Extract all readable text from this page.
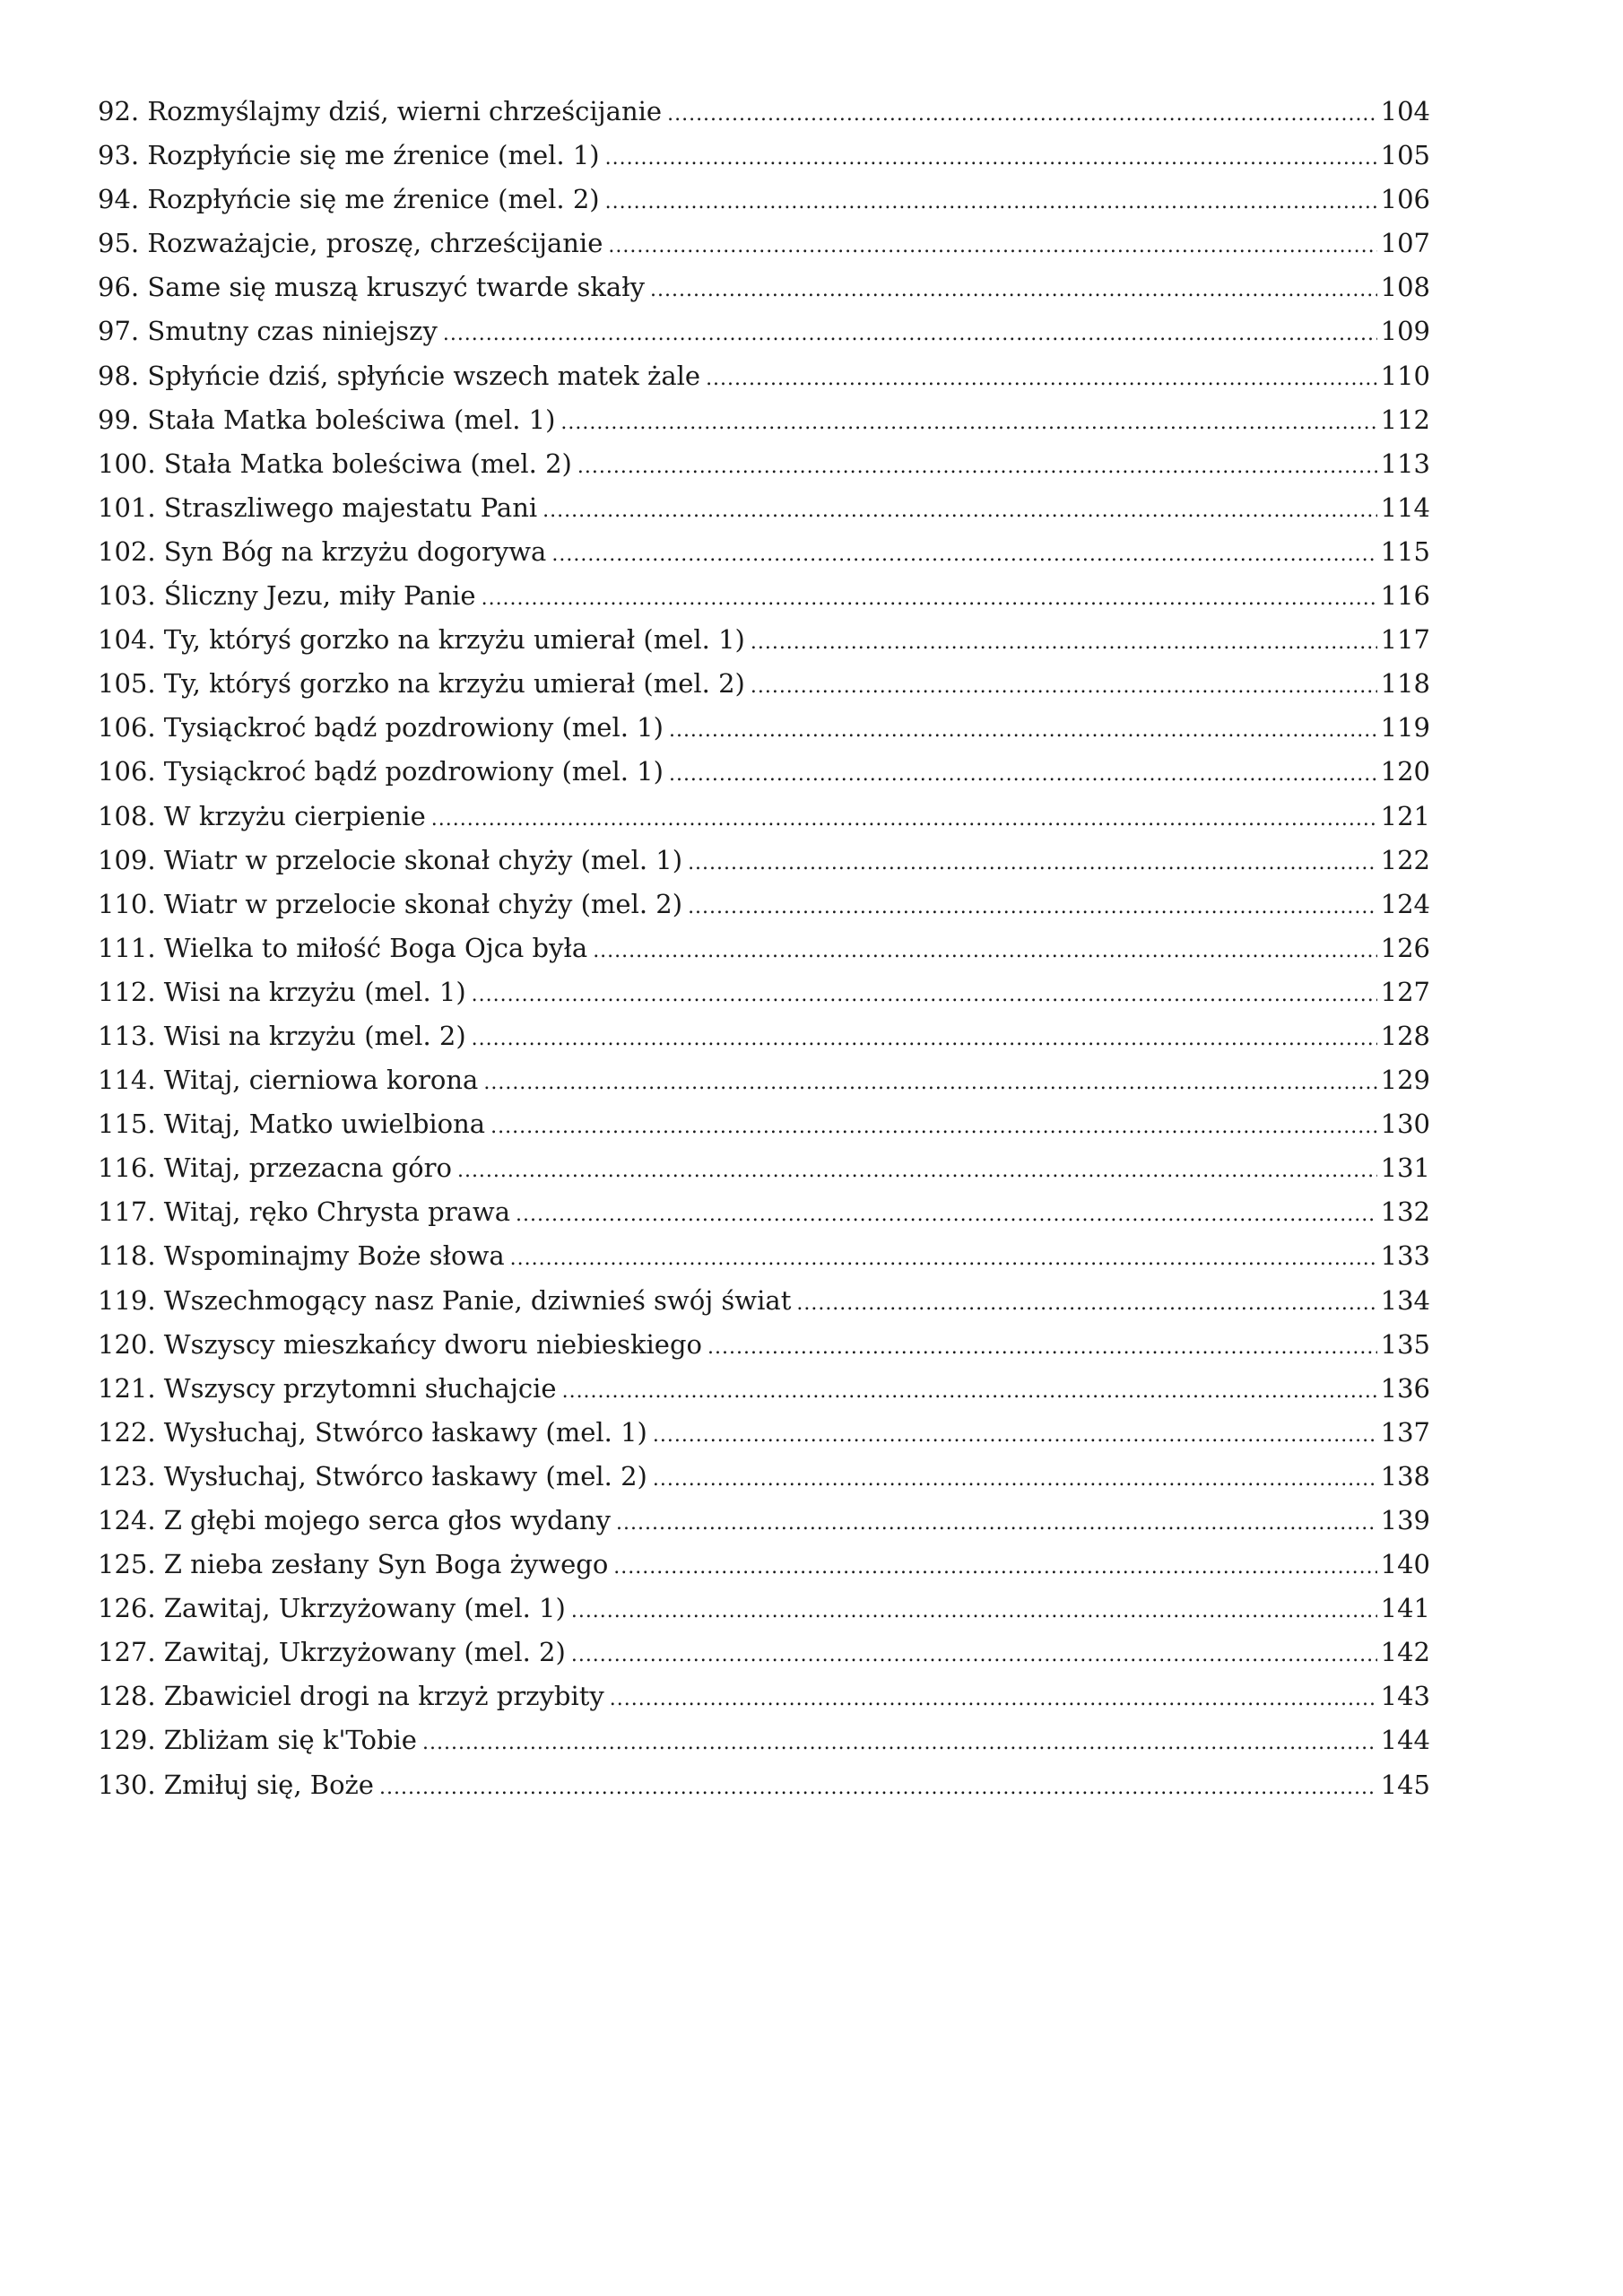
92. Rozmyślajmy dziś, wierni chrześcijanie .....	104
93. Rozpłyńcie się me źrenice (mel. 1) .....	105
94. Rozpłyńcie się me źrenice (mel. 2) .....	106
95. Rozważajcie, proszę, chrześcijanie .....	107
96. Same się muszą kruszyć twarde skały .....	108
97. Smutny czas niniejszy .....	109
98. Spłyńcie dziś, spłyńcie wszech matek żale .....	110
99. Stała Matka boleściwa (mel. 1) .....	112
100. Stała Matka boleściwa (mel. 2) .....	113
101. Straszliwego majestatu Pani .....	114
102. Syn Bóg na krzyżu dogorywa .....	115
103. Śliczny Jezu, miły Panie .....	116
104. Ty, któryś gorzko na krzyżu umierał (mel. 1) .....	117
105. Ty, któryś gorzko na krzyżu umierał (mel. 2) .....	118
106. Tysiąckroć bądź pozdrowiony (mel. 1) .....	119
106. Tysiąckroć bądź pozdrowiony (mel. 1) .....	120
108. W krzyżu cierpienie .....	121
109. Wiatr w przelocie skonał chyży (mel. 1) .....	122
110. Wiatr w przelocie skonał chyży (mel. 2) .....	124
111. Wielka to miłość Boga Ojca była .....	126
112. Wisi na krzyżu (mel. 1) .....	127
113. Wisi na krzyżu (mel. 2) .....	128
114. Witaj, cierniowa korona .....	129
115. Witaj, Matko uwielbiona .....	130
116. Witaj, przezacna góro .....	131
117. Witaj, ręko Chrysta prawa .....	132
118. Wspominajmy Boże słowa .....	133
119. Wszechmogący nasz Panie, dziwnieś swój świat .....	134
120. Wszyscy mieszkańcy dworu niebieskiego .....	135
121. Wszyscy przytomni słuchajcie .....	136
122. Wysłuchaj, Stwórco łaskawy (mel. 1) .....	137
123. Wysłuchaj, Stwórco łaskawy (mel. 2) .....	138
124. Z głębi mojego serca głos wydany .....	139
125. Z nieba zesłany Syn Boga żywego .....	140
126. Zawitaj, Ukrzyżowany (mel. 1) .....	141
127. Zawitaj, Ukrzyżowany (mel. 2) .....	142
128. Zbawiciel drogi na krzyż przybity .....	143
129. Zbliżam się k'Tobie .....	144
130. Zmiłuj się, Boże .....	145
